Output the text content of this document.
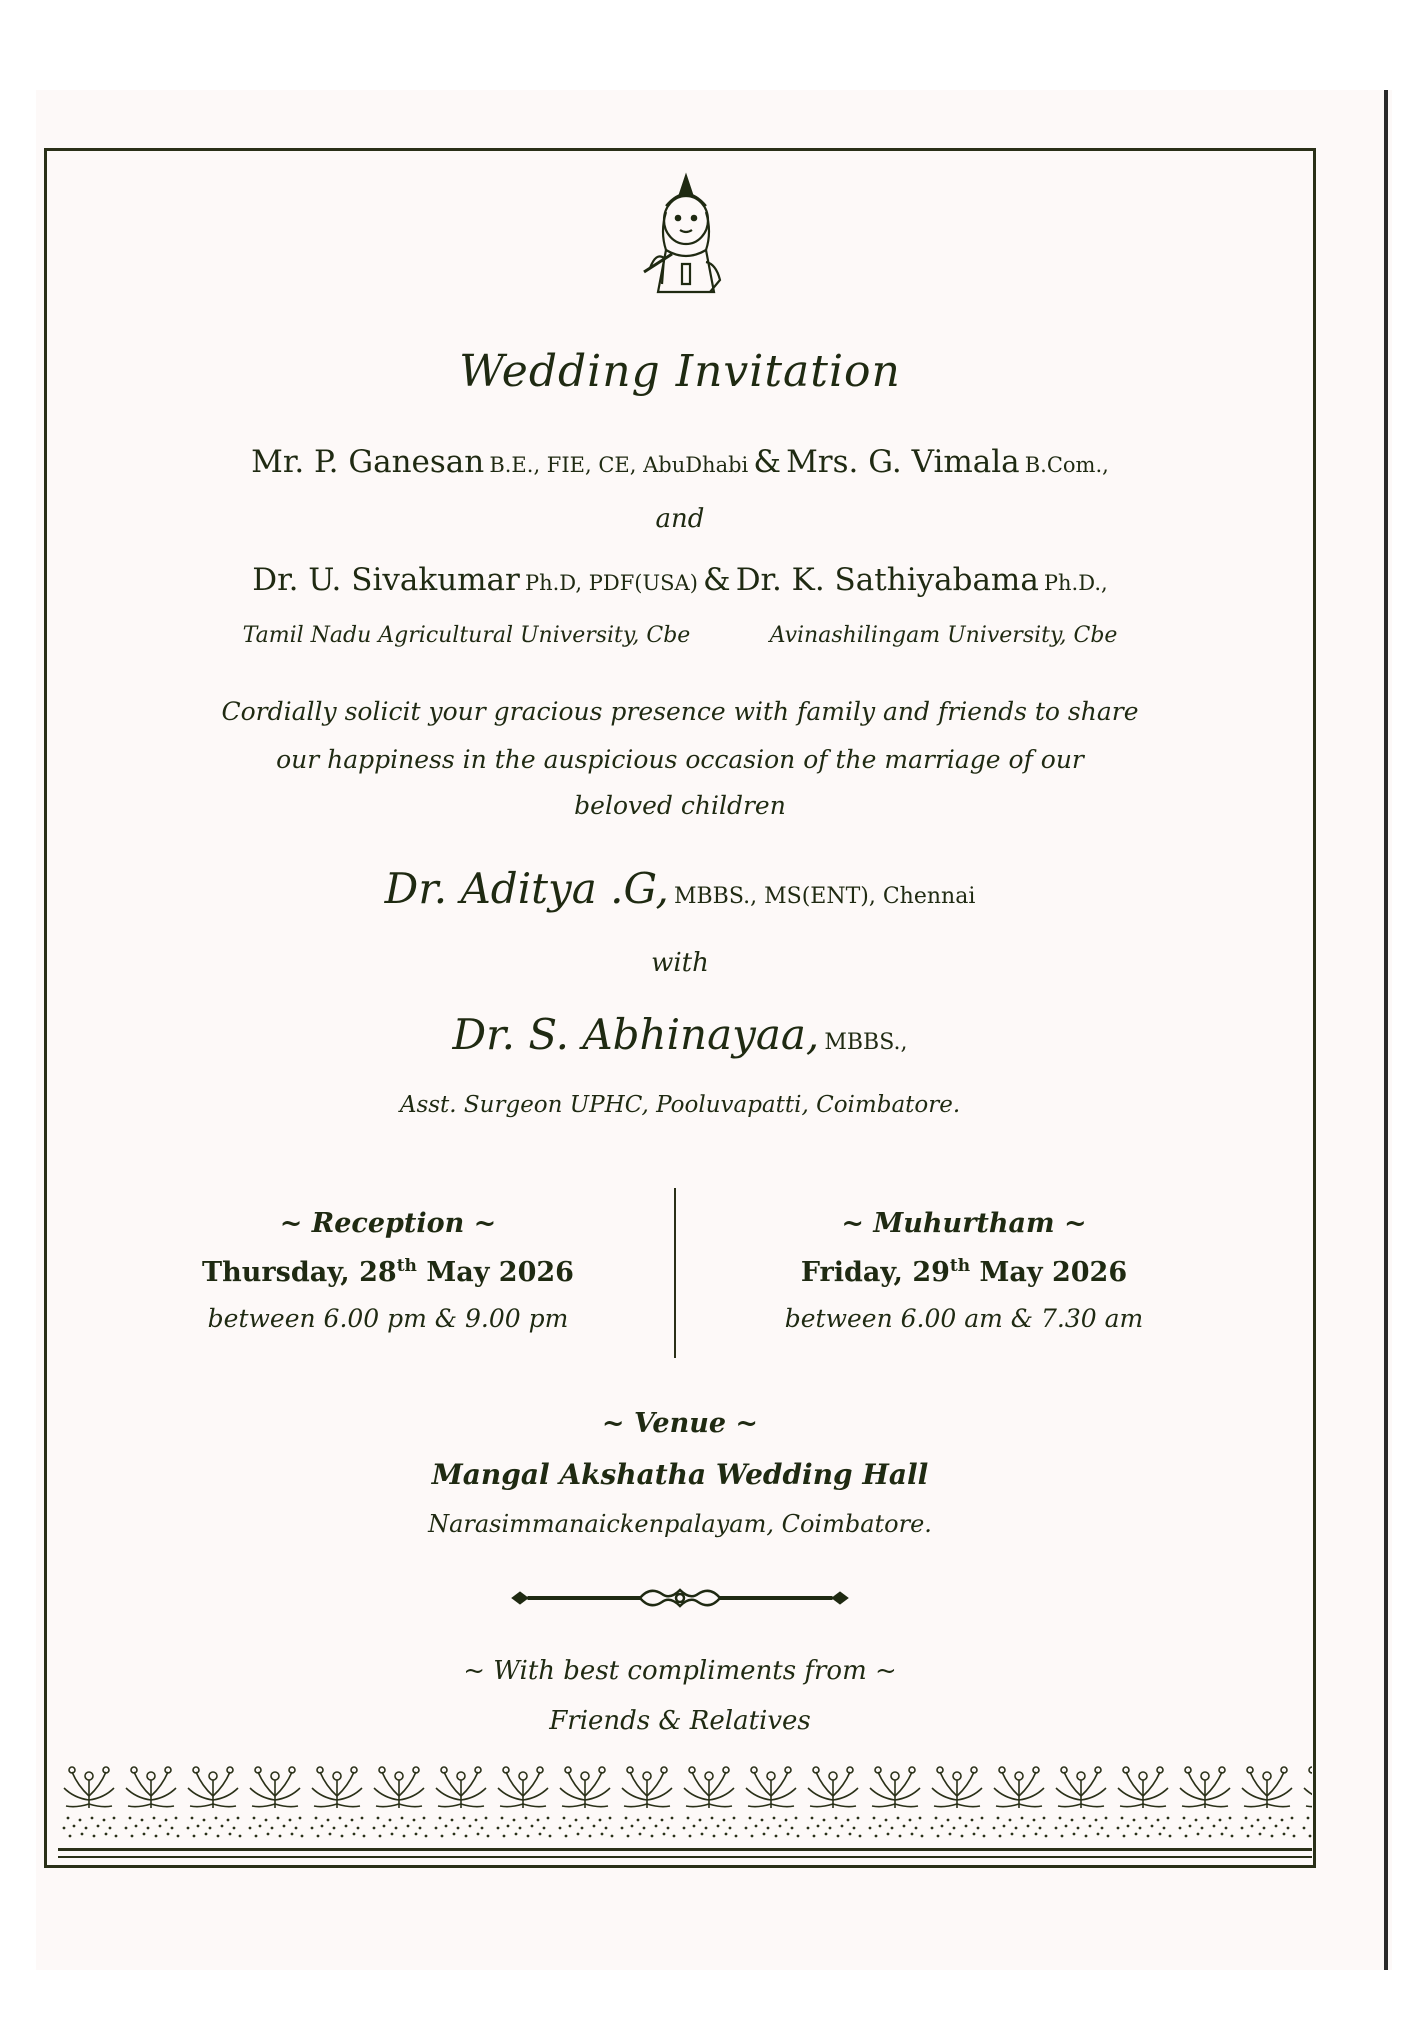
Wedding Invitation
Mr. P. Ganesan B.E., FIE, CE, AbuDhabi & Mrs. G. Vimala B.Com.,
and
Dr. U. Sivakumar Ph.D, PDF(USA) & Dr. K. Sathiyabama Ph.D.,
Tamil Nadu Agricultural University, Cbe	Avinashilingam University, Cbe
Cordially solicit your gracious presence with family and friends to share
our happiness in the auspicious occasion of the marriage of our
beloved children
Dr. Aditya .G, MBBS., MS(ENT), Chennai
with
Dr. S. Abhinayaa, MBBS.,
Asst. Surgeon UPHC, Pooluvapatti, Coimbatore.
~ Reception ~
Thursday, 28th May 2026
between 6.00 pm & 9.00 pm
~ Muhurtham ~
Friday, 29th May 2026
between 6.00 am & 7.30 am
~ Venue ~
Mangal Akshatha Wedding Hall
Narasimmanaickenpalayam, Coimbatore.
~ With best compliments from ~
Friends & Relatives
